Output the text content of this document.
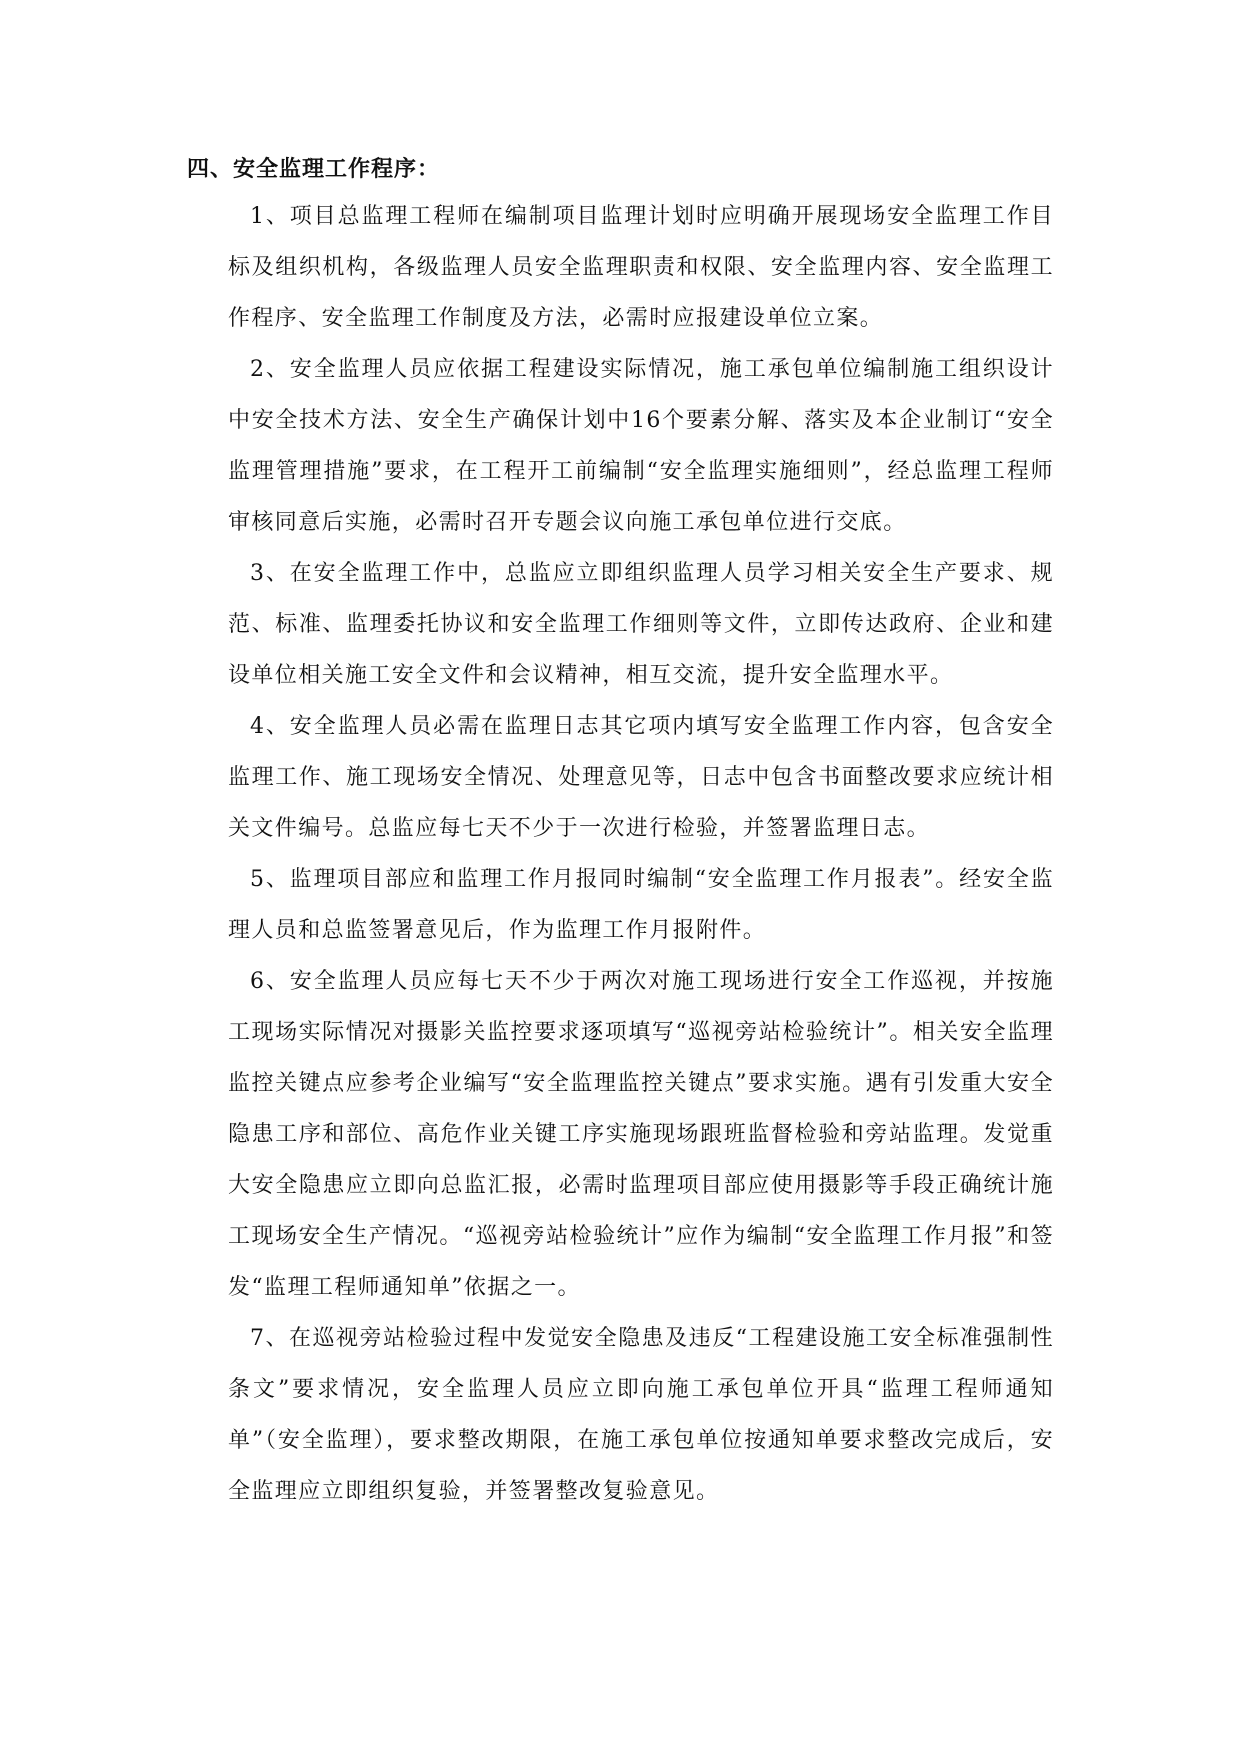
四、安全监理工作程序：

1、项目总监理工程师在编制项目监理计划时应明确开展现场安全监理工作目标及组织机构，各级监理人员安全监理职责和权限、安全监理内容、安全监理工作程序、安全监理工作制度及方法，必需时应报建设单位立案。

2、安全监理人员应依据工程建设实际情况，施工承包单位编制施工组织设计中安全技术方法、安全生产确保计划中16个要素分解、落实及本企业制订“安全监理管理措施”要求，在工程开工前编制“安全监理实施细则”，经总监理工程师审核同意后实施，必需时召开专题会议向施工承包单位进行交底。

3、在安全监理工作中，总监应立即组织监理人员学习相关安全生产要求、规范、标准、监理委托协议和安全监理工作细则等文件，立即传达政府、企业和建设单位相关施工安全文件和会议精神，相互交流，提升安全监理水平。

4、安全监理人员必需在监理日志其它项内填写安全监理工作内容，包含安全监理工作、施工现场安全情况、处理意见等，日志中包含书面整改要求应统计相关文件编号。总监应每七天不少于一次进行检验，并签署监理日志。

5、监理项目部应和监理工作月报同时编制“安全监理工作月报表”。经安全监理人员和总监签署意见后，作为监理工作月报附件。

6、安全监理人员应每七天不少于两次对施工现场进行安全工作巡视，并按施工现场实际情况对摄影关监控要求逐项填写“巡视旁站检验统计”。相关安全监理监控关键点应参考企业编写“安全监理监控关键点”要求实施。遇有引发重大安全隐患工序和部位、高危作业关键工序实施现场跟班监督检验和旁站监理。发觉重大安全隐患应立即向总监汇报，必需时监理项目部应使用摄影等手段正确统计施工现场安全生产情况。“巡视旁站检验统计”应作为编制“安全监理工作月报”和签发“监理工程师通知单”依据之一。

7、在巡视旁站检验过程中发觉安全隐患及违反“工程建设施工安全标准强制性条文”要求情况，安全监理人员应立即向施工承包单位开具“监理工程师通知单”（安全监理），要求整改期限，在施工承包单位按通知单要求整改完成后，安全监理应立即组织复验，并签署整改复验意见。
